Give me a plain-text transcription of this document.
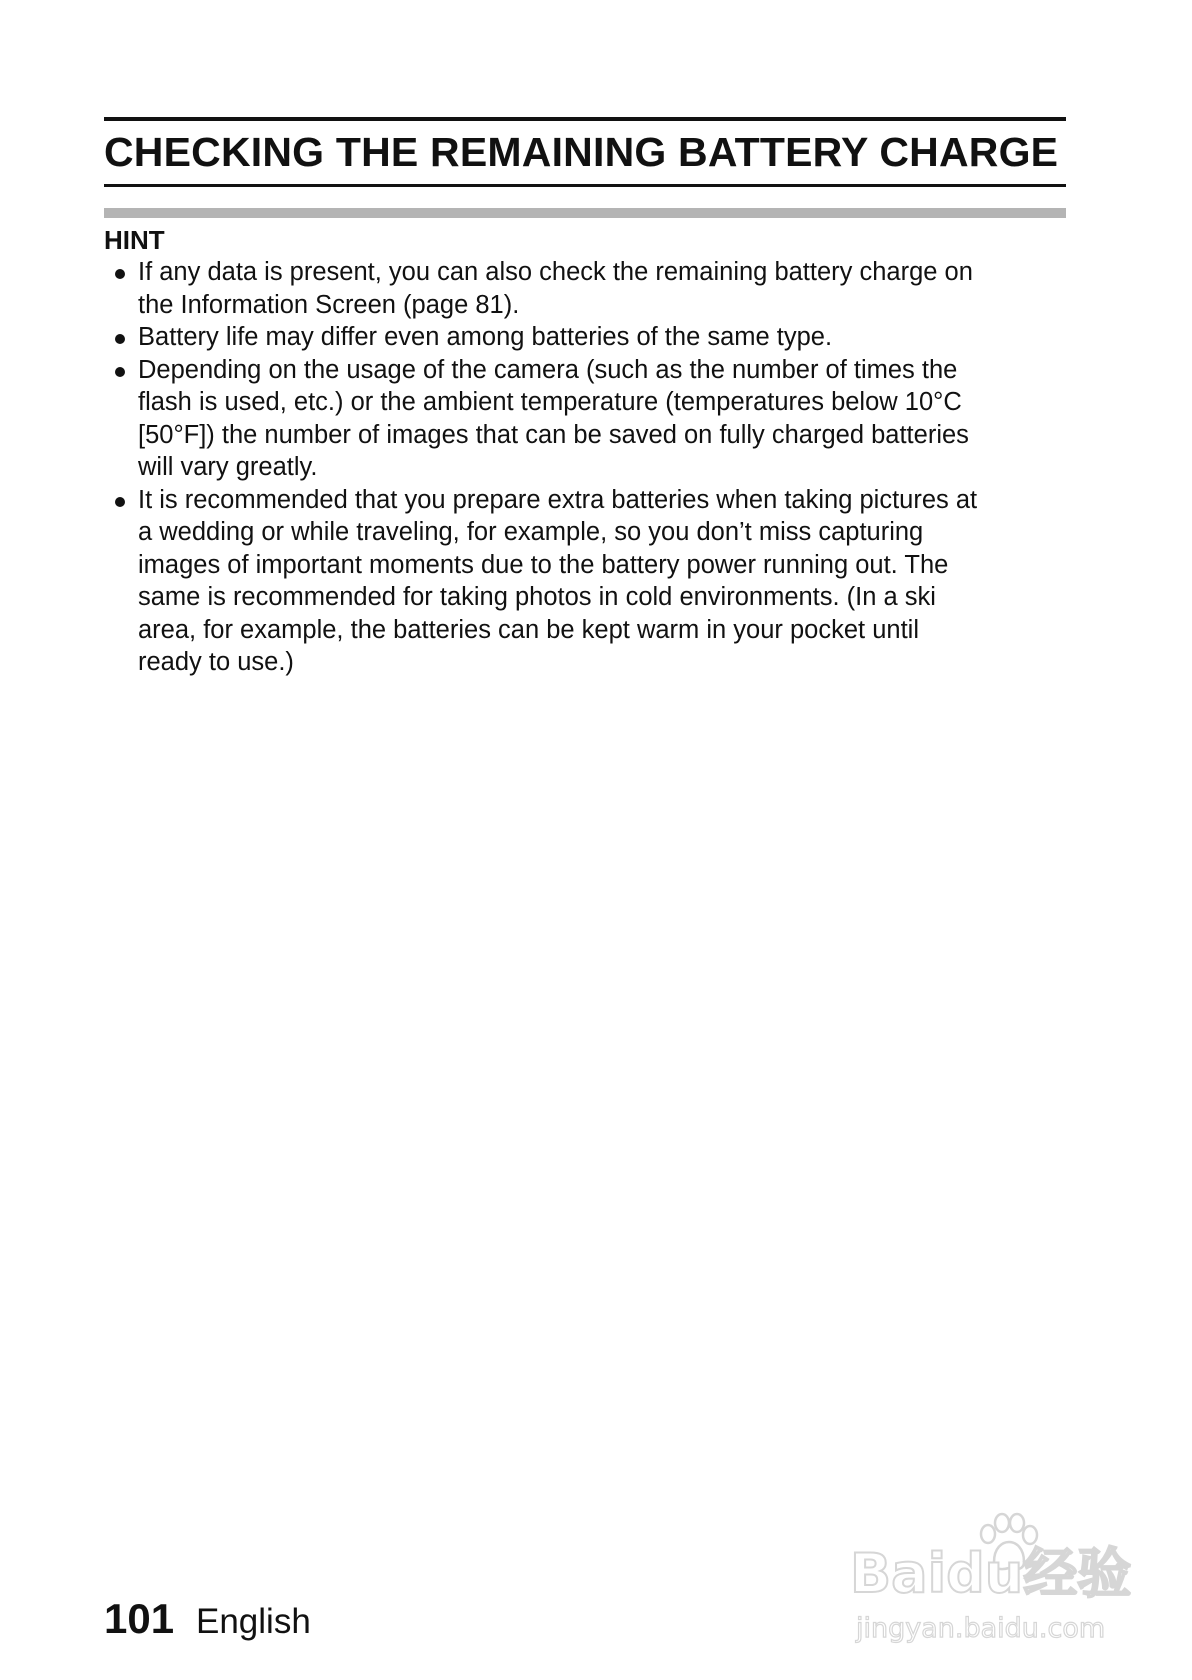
CHECKING THE REMAINING BATTERY CHARGE
HINT
If any data is present, you can also check the remaining battery charge on
the Information Screen (page 81).
Battery life may differ even among batteries of the same type.
Depending on the usage of the camera (such as the number of times the
flash is used, etc.) or the ambient temperature (temperatures below 10°C
[50°F]) the number of images that can be saved on fully charged batteries
will vary greatly.
It is recommended that you prepare extra batteries when taking pictures at
a wedding or while traveling, for example, so you don’t miss capturing
images of important moments due to the battery power running out. The
same is recommended for taking photos in cold environments. (In a ski
area, for example, the batteries can be kept warm in your pocket until
ready to use.)
101 English
Baidu经验
jingyan.baidu.com
